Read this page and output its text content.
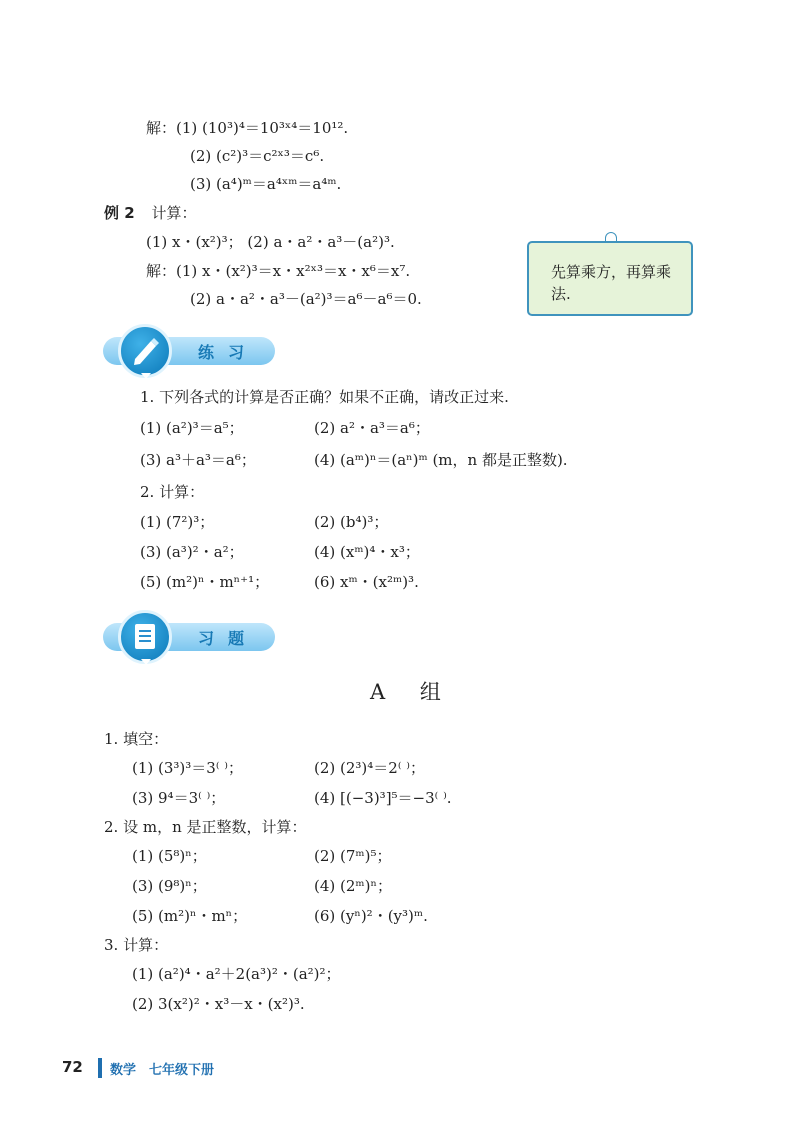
解：(1) (10³)⁴＝10³ˣ⁴＝10¹².
(2) (c²)³＝c²ˣ³＝c⁶.
(3) (a⁴)ᵐ＝a⁴ˣᵐ＝a⁴ᵐ.
例 2 计算：
(1) x・(x²)³； (2) a・a²・a³－(a²)³.
解：(1) x・(x²)³＝x・x²ˣ³＝x・x⁶＝x⁷.
(2) a・a²・a³－(a²)³＝a⁶－a⁶＝0.
先算乘方，再算乘法.
练习
1. 下列各式的计算是否正确？如果不正确，请改正过来.
(1) (a²)³＝a⁵；	(2) a²・a³＝a⁶；
(3) a³＋a³＝a⁶；	(4) (aᵐ)ⁿ＝(aⁿ)ᵐ (m，n 都是正整数).
2. 计算：
(1) (7²)³；	(2) (b⁴)³；
(3) (a³)²・a²；	(4) (xᵐ)⁴・x³；
(5) (m²)ⁿ・mⁿ⁺¹；	(6) xᵐ・(x²ᵐ)³.
习题
A 组
1. 填空：
(1) (3³)³＝3⁽ ⁾；	(2) (2³)⁴＝2⁽ ⁾；
(3) 9⁴＝3⁽ ⁾；	(4) [(−3)³]⁵＝−3⁽ ⁾.
2. 设 m，n 是正整数，计算：
(1) (5⁸)ⁿ；	(2) (7ᵐ)⁵；
(3) (9⁸)ⁿ；	(4) (2ᵐ)ⁿ；
(5) (m²)ⁿ・mⁿ；	(6) (yⁿ)²・(y³)ᵐ.
3. 计算：
(1) (a²)⁴・a²＋2(a³)²・(a²)²；
(2) 3(x²)²・x³－x・(x²)³.
72 数学　七年级下册
